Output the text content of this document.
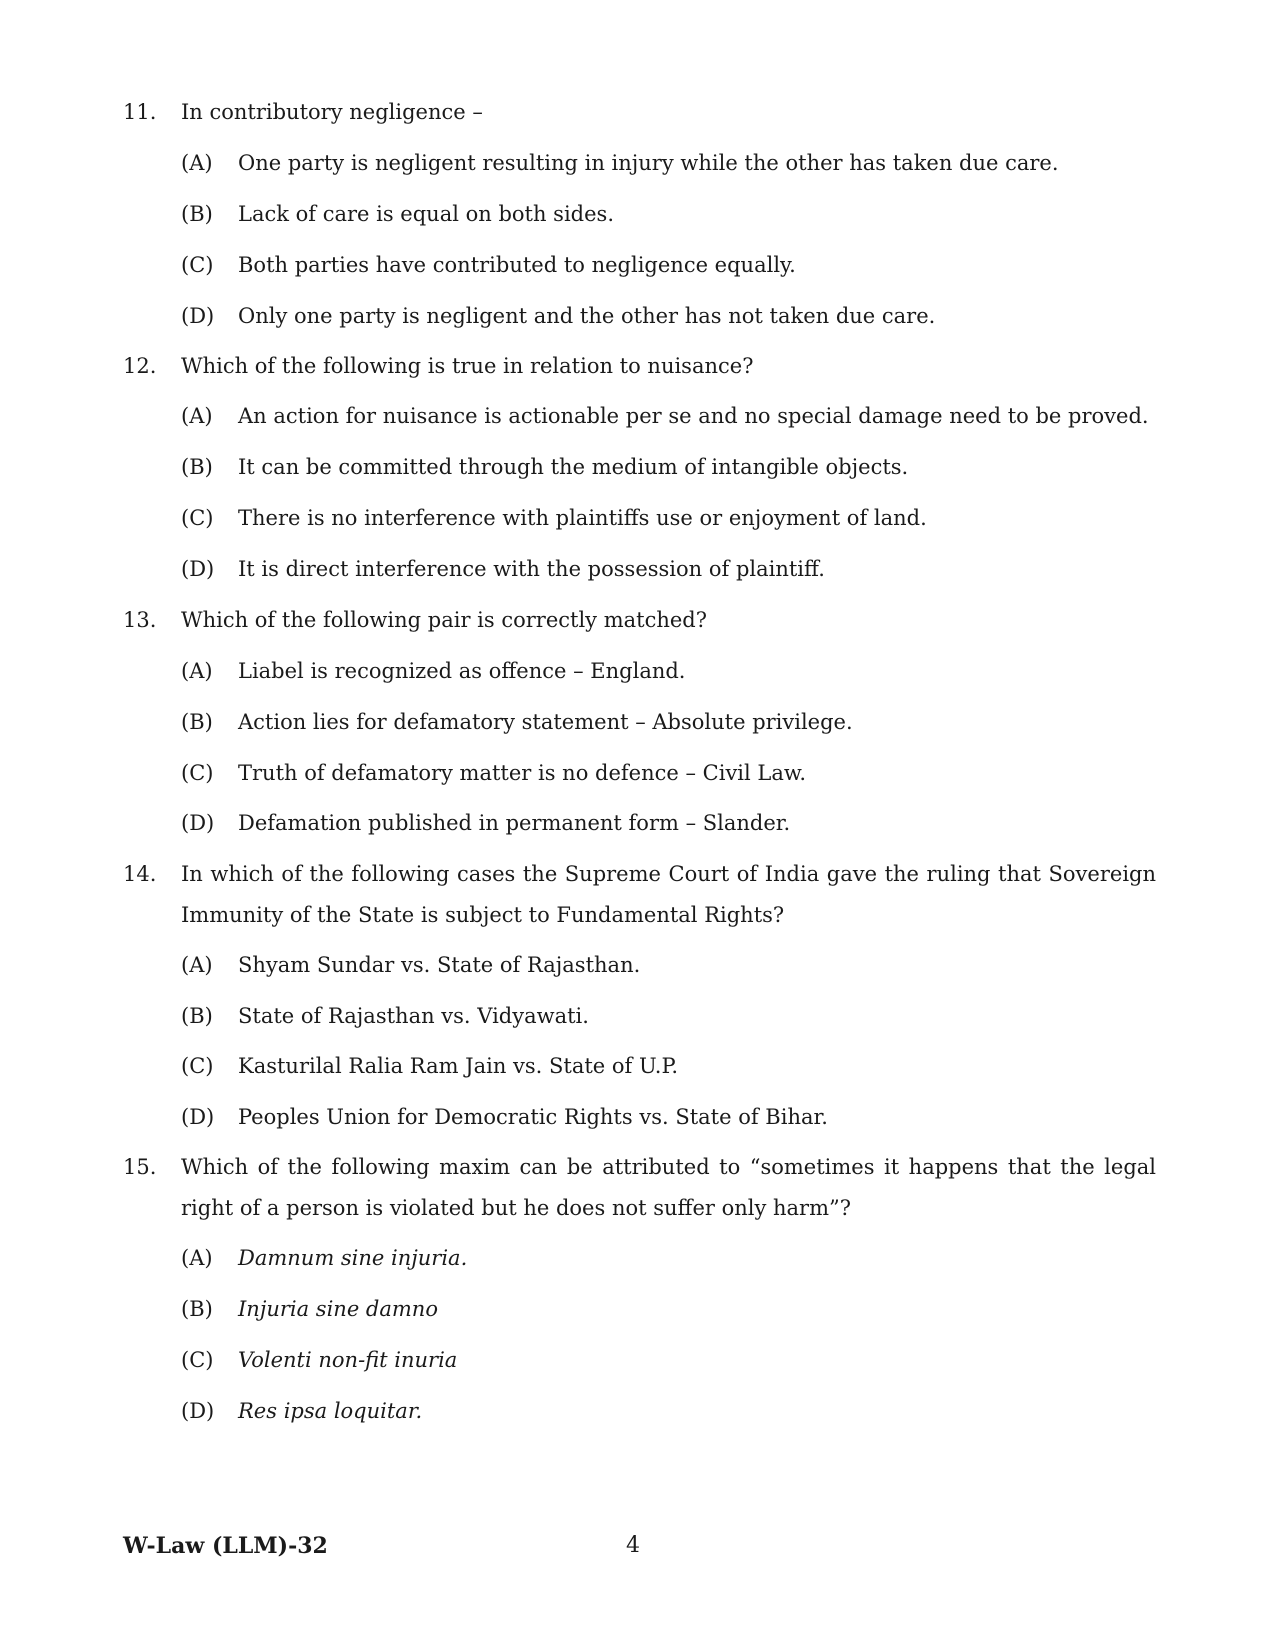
11. In contributory negligence –
(A) One party is negligent resulting in injury while the other has taken due care.
(B) Lack of care is equal on both sides.
(C) Both parties have contributed to negligence equally.
(D) Only one party is negligent and the other has not taken due care.
12. Which of the following is true in relation to nuisance?
(A) An action for nuisance is actionable per se and no special damage need to be proved.
(B) It can be committed through the medium of intangible objects.
(C) There is no interference with plaintiffs use or enjoyment of land.
(D) It is direct interference with the possession of plaintiff.
13. Which of the following pair is correctly matched?
(A) Liabel is recognized as offence – England.
(B) Action lies for defamatory statement – Absolute privilege.
(C) Truth of defamatory matter is no defence – Civil Law.
(D) Defamation published in permanent form – Slander.
14. In which of the following cases the Supreme Court of India gave the ruling that Sovereign Immunity of the State is subject to Fundamental Rights?
(A) Shyam Sundar vs. State of Rajasthan.
(B) State of Rajasthan vs. Vidyawati.
(C) Kasturilal Ralia Ram Jain vs. State of U.P.
(D) Peoples Union for Democratic Rights vs. State of Bihar.
15. Which of the following maxim can be attributed to “sometimes it happens that the legal right of a person is violated but he does not suffer only harm”?
(A) Damnum sine injuria.
(B) Injuria sine damno
(C) Volenti non-fit inuria
(D) Res ipsa loquitar.
W-Law (LLM)-32	4
